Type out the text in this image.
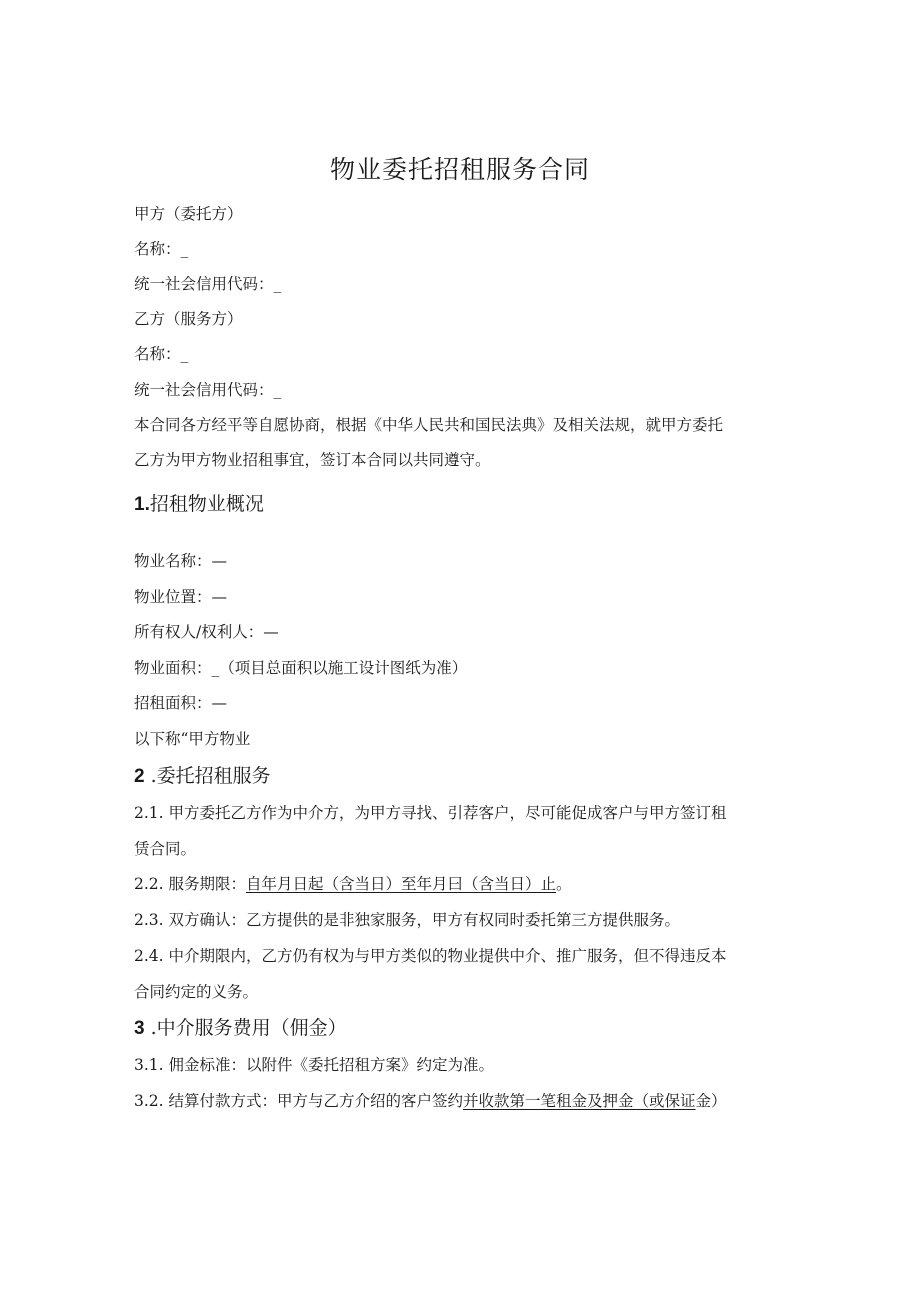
物业委托招租服务合同
甲方（委托方）
名称：_
统一社会信用代码：_
乙方（服务方）
名称：_
统一社会信用代码：_
本合同各方经平等自愿协商，根据《中华人民共和国民法典》及相关法规，就甲方委托
乙方为甲方物业招租事宜，签订本合同以共同遵守。
1.招租物业概况
物业名称：—
物业位置：—
所有权人/权利人：—
物业面积：_（项目总面积以施工设计图纸为准）
招租面积：—
以下称“甲方物业
2 .委托招租服务
2.1. 甲方委托乙方作为中介方，为甲方寻找、引荐客户，尽可能促成客户与甲方签订租
赁合同。
2.2. 服务期限：自年月日起（含当日）至年月曰（含当日）止。
2.3. 双方确认：乙方提供的是非独家服务，甲方有权同时委托第三方提供服务。
2.4. 中介期限内，乙方仍有权为与甲方类似的物业提供中介、推广服务，但不得违反本
合同约定的义务。
3 .中介服务费用（佣金）
3.1. 佣金标准：以附件《委托招租方案》约定为准。
3.2. 结算付款方式：甲方与乙方介绍的客户签约并收款第一笔租金及押金（或保证金）
